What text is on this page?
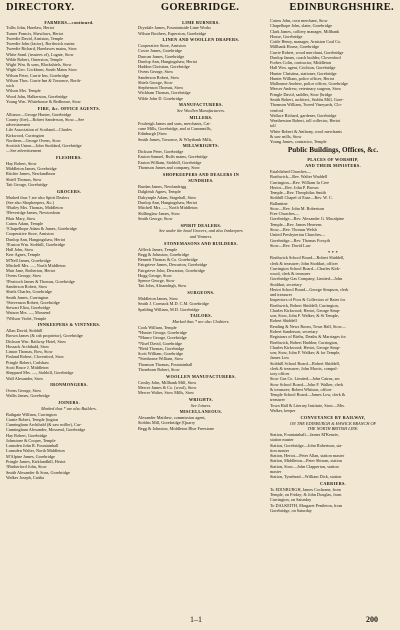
DIRECTORY.	GOREBRIDGE.	EDINBURGHSHIRE.
FARMERS—continued.
Tullis John, Harelaw, Heriot
Turner Francis, Shewlaws, Heriot
Tweedie David, Arniston, Temple
Tweedie John (factor), Borthwick mains
Tweedie Richard, Harelawes mains, Stow
White Saml. (trustees of), Lugate, Stow
Wilde Robert, Outerston, Temple
Wight Wm. & sons, Blackshiels, Stow
Wight Geo. Cockburn, South Mains Stow
Wilson Peter, Currie Inn, Gorebridge
Wilson Thos. Currie Inn & Torsonce, Borth-
wick
Wilson Mrs. Temple
Wood John, Halkerston, Gorebridge
Young Wm. Whitehouse & Redhouse, Stow
FIRE, &c. OFFICE AGENTS.
Alliance—George Hunter, Gorebridge
County (fire)—Robert Sanderson, Stow—See
advertisement
Life Association of Scotland—Charles
Kirkwood, Currington
Northern—George Ovens, Stow
Scottish Union—John Stoddard, Gorebridge
—See advertisement
FLESHERS.
Hay Robert, Stow
Middleton James, Gorebridge
Ritchie James, Newlandburn
Shiell Thomas, Stow
Tait George, Gorebridge
GROCERS.
Marked thus † are also Spirit Dealers
(See also Shopkeepers, &c.)
†Bailey Mrs. Thomas, Middleton
†Beveridge James, Newtonloan
Blair Mary, Stow
Cairns Adam, Temple
†Chapelhope Adam & James, Gorebridge
Cooperative Store, Arniston
Dunlop Ann, Hangingshaw, Heriot
†Easton Wm. Stobhill, Gorebridge
Hall John, Stow
Kerr Agnes, Temple
M'Nell James, Gorebridge
Mitchell Mrs. —, North Middleton
Muir Jane, Rotherton, Heriot
Ovens George, Stow
†Peattoch James & Thomas, Gorebridge
Sanderson Robert, Stow
Shiels Charles, Gorebridge
Smith James, Currington
†Stevenson Robert, Gorebridge
Stewart Eliza, Gorebridge
Watson Mrs. —, Mossend
†Wilson Violet, Temple
INNKEEPERS & VINTNERS.
Allan David, Stobhill
Brown James (& cab proprietor), Gorebridge
Dickson Wm. Railway Hotel, Stow
Hossack Archibald, Stow
Linton Thomas, Bow, Stow
Finland Robert, Clovenford, Stow
Pringle Robert, Carlshaw
Scott Bruce J. Middleton
Sheppard Mrs. —, Stobhill, Gorebridge
Wall Alexander, Stow
IRONMONGERS.
Ovens George, Stow
Wallis James, Gorebridge
JOINERS.
Marked thus * are also Builders.
Bathgate William, Currington
Carnie Robert, Temple [ington
Cunningham Archibald (& saw miller), Cur-
Cunningham Alexander, Mossend, Gorebridge
Hay Robert, Gorebridge
Johnstone & Cooper, Temple
Lumsden John R. Fountainhall
Lumsden Walter, North Middleton
M'Alpine James, Gorebridge
Pringle James, Kirklandhill, Heriot
†Rutherford John, Stow
Smith Alexander & Sons, Gorebridge
Walker Joseph, Cattha
LIME BURNERS.
Drysdale James, Fountainside Lime Works
Wilson Brothers, Esperston, Gorebridge
LINEN AND WOOLLEN DRAPERS.
Cooperative Store, Arniston
Cowie James, Gorebridge
Duncan James, Gorebridge
Dunlop Ann, Hangingshaw, Heriot
Haddon Christian, Gorebridge
Ovens George, Stow
Sanderson Robert, Stow
Shiels George, Stow
Stephenson Thomas, Stow
Wickham Thomas, Gorebridge
Wilde John D. Gorebridge
MANUFACTURERS.
See Woollen Manufacturers.
MILLERS.
Foulreigh James and sons, merchants, Cat-
cune Mills, Gorebridge, and at Canonmills,
Edinburgh [Stow
Smith James, Torsonce, & Whytbank Mills,
MILLWRIGHTS.
Dickson Peter, Gorebridge
Easton Samuel, Ruffs mains, Gorebridge
Easton William, Stobhill, Gorebridge
Thomson James and company, Stow
SHOPKEEPERS AND DEALERS IN
SUNDRIES.
Burdan James, Newlandrigg
Dalgleish Agnes, Temple
Dalrymple Adam, Stagehall, Stow
Dunlop Ann, Hangingshaw, Heriot
Mitchell Mrs. —, North Middleton
Shillinglaw James, Stow
Smith George, Stow
SPIRIT DEALERS.
See under the head Grocers, and also Innkeepers
and Vintners.
STONEMASONS AND BUILDERS.
Affleck James, Temple
Begg & Johnston, Gorebridge
Bennett Thomas & Co. Gorebridge
Fairgrieve James, Dewarton, Gorebridge
Fairgrieve John, Dewarton, Gorebridge
Hogg George, Stow
Spence George, Stow
Tait John, Alisandrigh, Stow
SURGEONS.
Middleton James, Stow
Smith J. Cormack M.D. C.M. Gorebridge
Spalding William, M.D. Gorebridge
TAILORS.
Marked thus * are also Clothiers.
Cook William, Temple
*Hunter George, Gorebridge
*Munro George, Gorebridge
*Nisel David, Gorebridge
*Reid Thomas, Gorebridge
Scott William, Gorebridge
*Stenhouse William, Stow
Thomson Thomas, Fountainhall
Thornburn Robert, Stow
WOOLLEN MANUFACTURERS.
Crosby John, Millbank Mill, Stow
Mercer James & Co. (wool), Stow
Mercer Walter, Stow Mills, Stow
WRIGHTS.
See Joiners.
MISCELLANEOUS.
Alexander Matthew, commission agent,
Stobhis Mill, Gorebridge [Quarry
Begg & Johnston, Middleton Blue Freestone
Cairns John, corn merchant, Stow
Chapelhope John, slater, Gorebridge
Clark James, colliery manager, Millbank
House, Gorebridge
Cottle Henry, manager, Arniston Coal Co.
Millbank House, Gorebridge
Currie Robert, wood merchant, Gorebridge
Dunlop James, coach builder, Clovenford
Forbes Colin, contractor, Middleton
Hall Wm. agent, Crichton, Gorebridge
Hunter Christina, stationer, Gorebridge
Hunter William, police officer, Heriot
Malloume Andrew, police officer, Gorebridge
Mercer Andrew, veterinary surgeon, Stow
Pringle David, saddler, Stow [bridge
Smith Robert, architect, Stobhs Mill, Gore-
Thomson William, Tweed Vineyards, Clo-
venford
Wallace Richard, gardener, Gorebridge
Weatherston Robert, toll collector, Heriot
toll
White Robert & Anthony, wool merchants
& saw mills, Stow
Young James, contractor, Temple
Public Buildings, Offices, &c.
PLACES OF WORSHIP,
AND THEIR MINISTERS.
Established Churches—
Borthwick—Rev. Walter Waddell
Currington—Rev. William Iu Cree
Heriot—Rev. John P. Brown
Temple—Rev. Theophilus Smith
Stobhill Chapel of Ease—Rev. W. C.
Ballantine
Stow—Rev. John M. Robertson
Free Churches—
Gorebridge—Rev. Alexander G. Macalpine
Temple—Rev. James Heavens
Stow—Rev. Thomas Welsh
United Presbyterian Churches—
Gorebridge—Rev. Thomas Forsyth
Stow—Rev. David Law
* * *
Borthwick School Board—Robert Shiddell,
clerk & treasurer; John Stoddart, officer
Currington School Board—Charles Kirk-
wood, clerk & treasurer
Gorebridge Gas Company, Limited—John
Stoddart, secretary
Heriot School Board—George Simpson, clerk
and treasurer
Inspectors of Poor & Collectors of Rates for
Borthwick, Robert Shiddell; Currington,
Charles Kirkwood; Heriot, George Simp-
son; Stow, John F. Walker; & St Temple,
Robert Shiddell
Reading & News Room, Town Hall, Stow—
Robert Sanderson, secretary
Registrars of Births, Deaths & Marriages for
Borthwick, Robert Haddon; Currington,
Charles Kirkwood; Heriot, George Simp-
son; Stow, John F. Walker; & for Temple,
James Low
Stobhill School Board—Robert Shiddell,
clerk & treasurer; John Morris, compul-
sory officer
Stow Gas Co. Limited—John Cairns, sec
Stow School Board—John F. Walker, clerk
& treasurer; Robert Whitson, officer
Temple School Board—James Low, clerk &
treasurer
Town Hall & Literary Institute, Stow—Mrs.
Walker, keeper
CONVEYANCE BY RAILWAY,
ON THE EDINBURGH & HAWICK BRANCH OF
THE NORTH BRITISH LINE.
Station, Fountainhall—James M'Kenzie,
station master
Station, Gorebridge—John Robertson, sta-
tion master
Station, Heriot—Peter Allan, station master
Station, Middleton—Peter Shirran, station
Station, Stow—John Clapperton, station
master
Station, Tynehead—William Dick, station
CARRIERS.
To EDINBURGH, James Cochrane, from
Temple, on Friday; & John Douglas, from
Currington, on Saturday
To DALKEITH, Margaret Pentleton, from
Gorebridge, on Saturday
1–1	200
